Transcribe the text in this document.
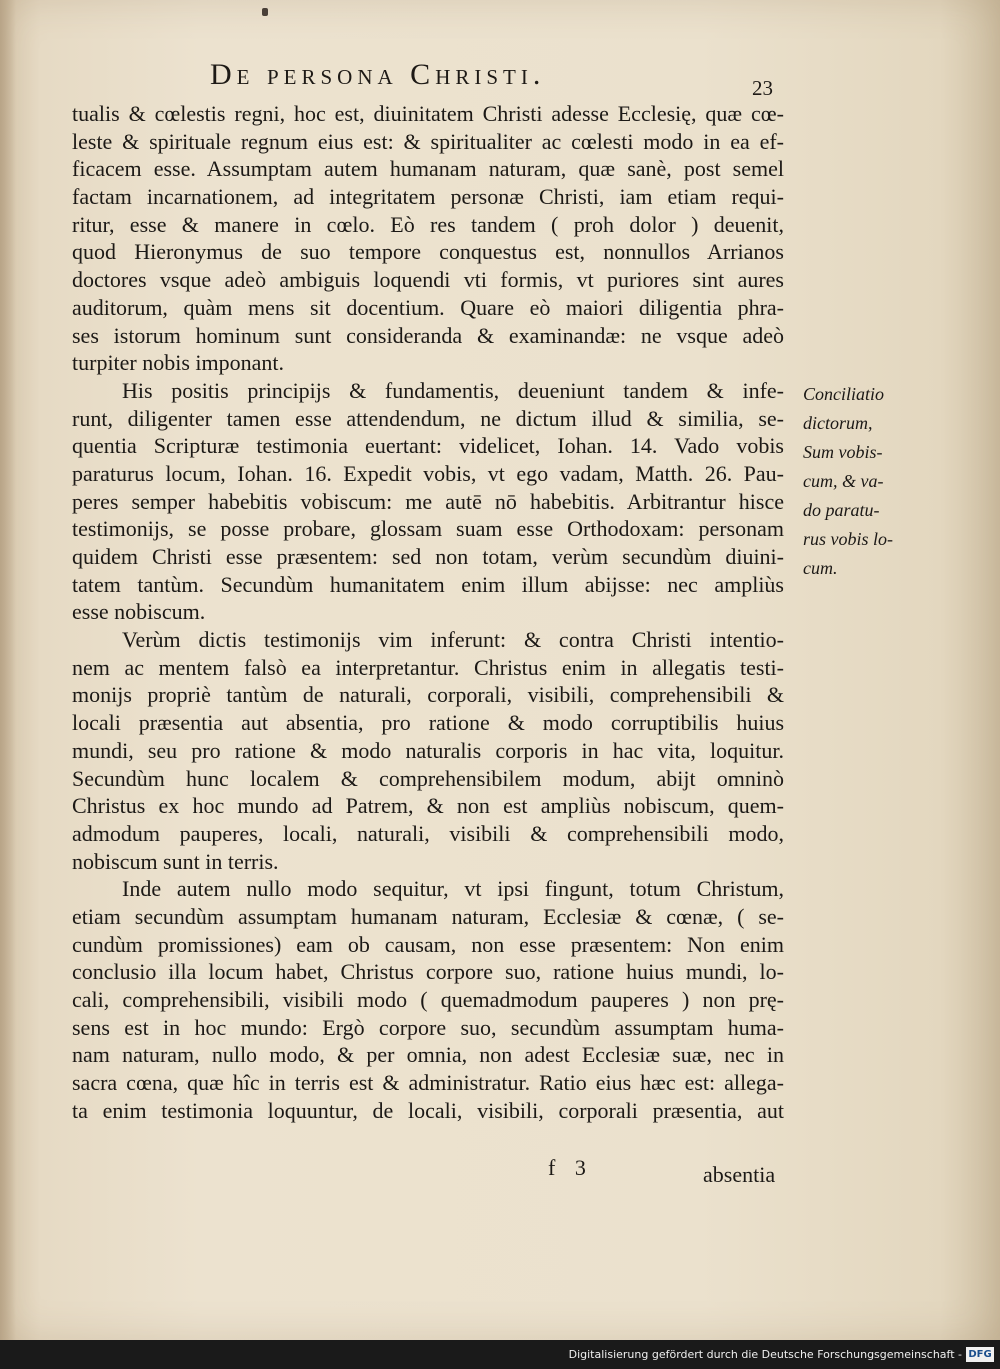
De persona Christi.	23
tualis & cœlestis regni, hoc est, diuinitatem Christi adesse Ecclesię, quæ cœ-
leste & spirituale regnum eius est: & spiritualiter ac cœlesti modo in ea ef-
ficacem esse. Assumptam autem humanam naturam, quæ sanè, post semel
factam incarnationem, ad integritatem personæ Christi, iam etiam requi-
ritur, esse & manere in cœlo. Eò res tandem ( proh dolor ) deuenit,
quod Hieronymus de suo tempore conquestus est, nonnullos Arrianos
doctores vsque adeò ambiguis loquendi vti formis, vt puriores sint aures
auditorum, quàm mens sit docentium. Quare eò maiori diligentia phra-
ses istorum hominum sunt consideranda & examinandæ: ne vsque adeò
turpiter nobis imponant.
His positis principijs & fundamentis, deueniunt tandem & infe-
runt, diligenter tamen esse attendendum, ne dictum illud & similia, se-
quentia Scripturæ testimonia euertant: videlicet, Iohan. 14. Vado vobis
paraturus locum, Iohan. 16. Expedit vobis, vt ego vadam, Matth. 26. Pau-
peres semper habebitis vobiscum: me autē nō habebitis. Arbitrantur hisce
testimonijs, se posse probare, glossam suam esse Orthodoxam: personam
quidem Christi esse præsentem: sed non totam, verùm secundùm diuini-
tatem tantùm. Secundùm humanitatem enim illum abijsse: nec ampliùs
esse nobiscum.
Verùm dictis testimonijs vim inferunt: & contra Christi intentio-
nem ac mentem falsò ea interpretantur. Christus enim in allegatis testi-
monijs propriè tantùm de naturali, corporali, visibili, comprehensibili &
locali præsentia aut absentia, pro ratione & modo corruptibilis huius
mundi, seu pro ratione & modo naturalis corporis in hac vita, loquitur.
Secundùm hunc localem & comprehensibilem modum, abijt omninò
Christus ex hoc mundo ad Patrem, & non est ampliùs nobiscum, quem-
admodum pauperes, locali, naturali, visibili & comprehensibili modo,
nobiscum sunt in terris.
Inde autem nullo modo sequitur, vt ipsi fingunt, totum Christum,
etiam secundùm assumptam humanam naturam, Ecclesiæ & cœnæ, ( se-
cundùm promissiones) eam ob causam, non esse præsentem: Non enim
conclusio illa locum habet, Christus corpore suo, ratione huius mundi, lo-
cali, comprehensibili, visibili modo ( quemadmodum pauperes ) non prę-
sens est in hoc mundo: Ergò corpore suo, secundùm assumptam huma-
nam naturam, nullo modo, & per omnia, non adest Ecclesiæ suæ, nec in
sacra cœna, quæ hîc in terris est & administratur. Ratio eius hæc est: allega-
ta enim testimonia loquuntur, de locali, visibili, corporali præsentia, aut
Conciliatio
dictorum,
Sum vobis-
cum, & va-
do paratu-
rus vobis lo-
cum.
f 3	absentia
Digitalisierung gefördert durch die Deutsche Forschungsgemeinschaft - DFG
